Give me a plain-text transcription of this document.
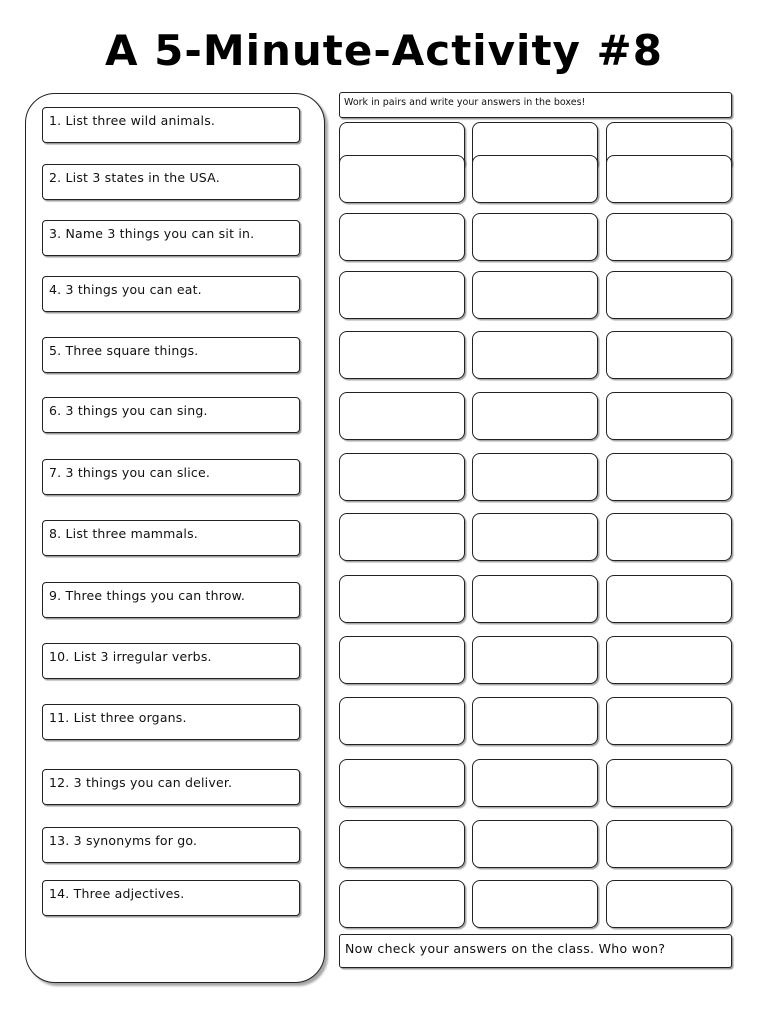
A 5-Minute-Activity #8
1. List three wild animals.
2. List 3 states in the USA.
3. Name 3 things you can sit in.
4. 3 things you can eat.
5. Three square things.
6. 3 things you can sing.
7. 3 things you can slice.
8. List three mammals.
9. Three things you can throw.
10. List 3 irregular verbs.
11. List three organs.
12. 3 things you can deliver.
13. 3 synonyms for go.
14. Three adjectives.
Work in pairs and write your answers in the boxes!
Now check your answers on the class. Who won?
